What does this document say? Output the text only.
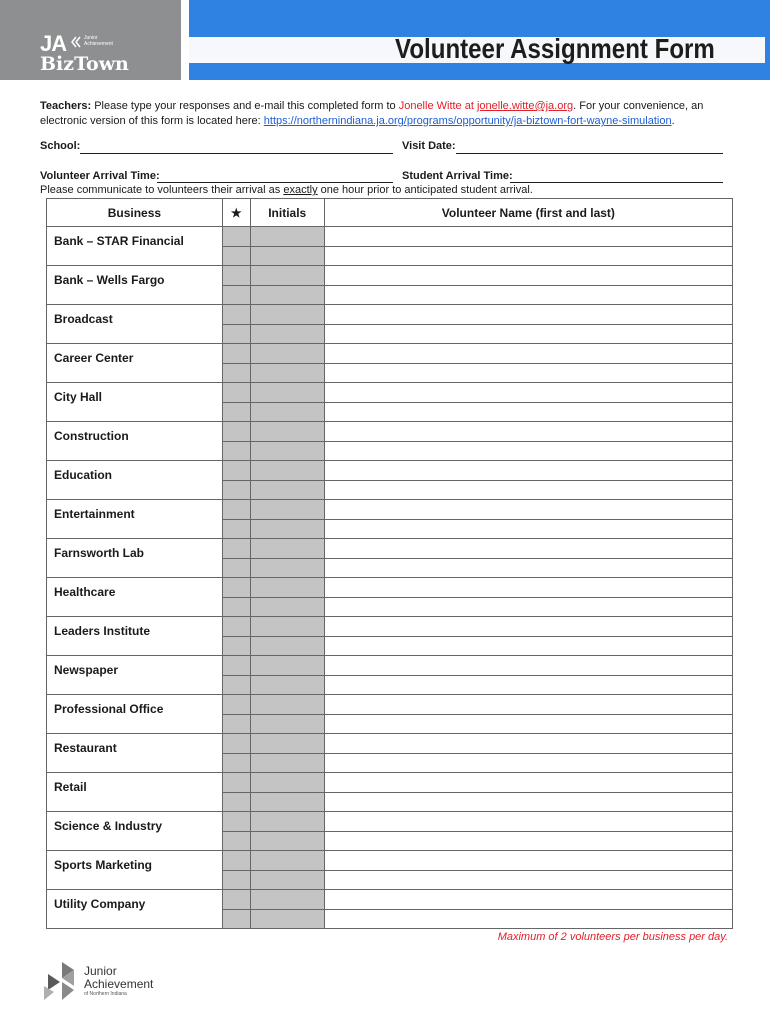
JA	Junior
Achievement
BizTown	Volunteer Assignment Form
Teachers: Please type your responses and e-mail this completed form to Jonelle Witte at jonelle.witte@ja.org. For your convenience, an electronic version of this form is located here: https://northernindiana.ja.org/programs/opportunity/ja-biztown-fort-wayne-simulation.
School:	Visit Date:
Volunteer Arrival Time:	Student Arrival Time:
Please communicate to volunteers their arrival as exactly one hour prior to anticipated student arrival.
Business	★	Initials	Volunteer Name (first and last)
Bank – STAR Financial			

Bank – Wells Fargo			

Broadcast			

Career Center			

City Hall			

Construction			

Education			

Entertainment			

Farnsworth Lab			

Healthcare			

Leaders Institute			

Newspaper			

Professional Office			

Restaurant			

Retail			

Science & Industry			

Sports Marketing			

Utility Company			

Maximum of 2 volunteers per business per day.
Junior
Achievement
of Northern Indiana
